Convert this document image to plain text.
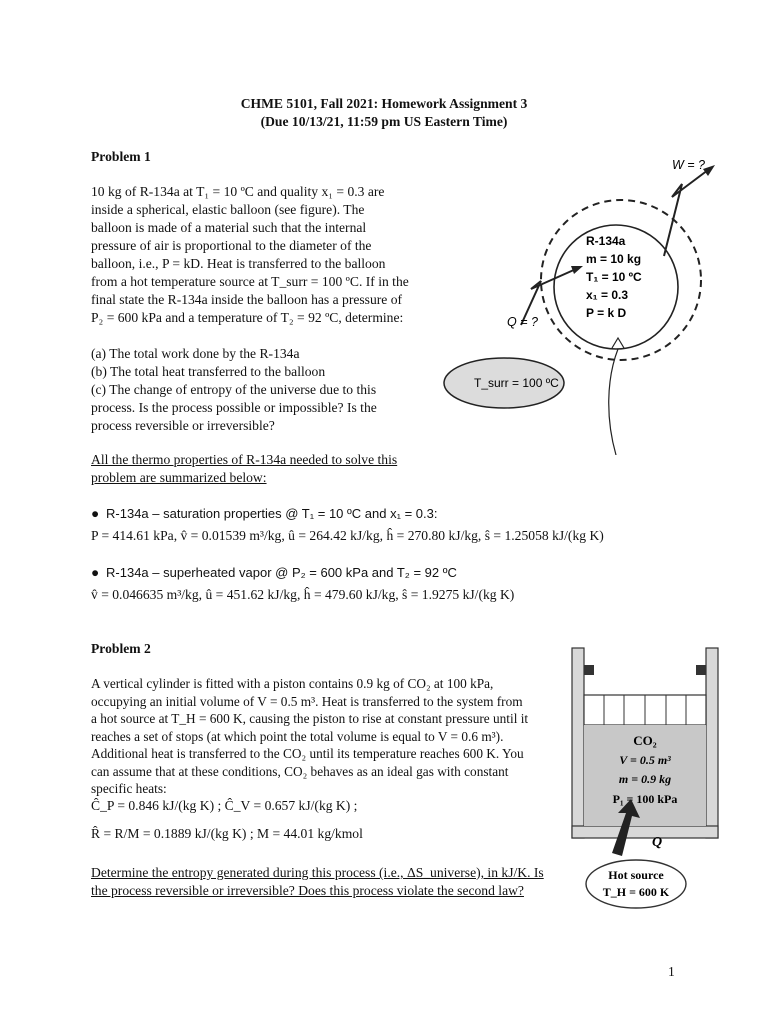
CHME 5101, Fall 2021: Homework Assignment 3
(Due 10/13/21, 11:59 pm US Eastern Time)
Problem 1
10 kg of R-134a at T₁ = 10 ºC and quality x₁ = 0.3 are
inside a spherical, elastic balloon (see figure). The
balloon is made of a material such that the internal
pressure of air is proportional to the diameter of the
balloon, i.e., P = kD. Heat is transferred to the balloon
from a hot temperature source at T_surr = 100 ºC. If in the
final state the R-134a inside the balloon has a pressure of
P₂ = 600 kPa and a temperature of T₂ = 92 ºC, determine:
(a) The total work done by the R-134a
(b) The total heat transferred to the balloon
(c) The change of entropy of the universe due to this
process. Is the process possible or impossible? Is the
process reversible or irreversible?
All the thermo properties of R-134a needed to solve this
problem are summarized below:
●  R-134a – saturation properties @ T₁ = 10 ºC and x₁ = 0.3:
P = 414.61 kPa, v̂ = 0.01539 m³/kg, û = 264.42 kJ/kg, ĥ = 270.80 kJ/kg, ŝ = 1.25058 kJ/(kg K)
●  R-134a – superheated vapor @ P₂ = 600 kPa and T₂ = 92 ºC
v̂ = 0.046635 m³/kg, û = 451.62 kJ/kg, ĥ = 479.60 kJ/kg, ŝ = 1.9275 kJ/(kg K)
W = ?
Q = ?
T_surr = 100 ºC
R-134a
m = 10 kg
T₁ = 10 ºC
x₁ = 0.3
P = k D
Problem 2
A vertical cylinder is fitted with a piston contains 0.9 kg of CO₂ at 100 kPa,
occupying an initial volume of V = 0.5 m³. Heat is transferred to the system from
a hot source at T_H = 600 K, causing the piston to rise at constant pressure until it
reaches a set of stops (at which point the total volume is equal to V = 0.6 m³).
Additional heat is transferred to the CO₂ until its temperature reaches 600 K. You
can assume that at these conditions, CO₂ behaves as an ideal gas with constant
specific heats:
Ĉ_P = 0.846 kJ/(kg K) ; Ĉ_V = 0.657 kJ/(kg K) ;
R̂ = R/M = 0.1889 kJ/(kg K) ; M = 44.01 kg/kmol
Determine the entropy generated during this process (i.e., ΔS_universe), in kJ/K. Is
the process reversible or irreversible? Does this process violate the second law?
CO₂
V = 0.5 m³
m = 0.9 kg
P₁ = 100 kPa
Q
Hot source
T_H = 600 K
1
